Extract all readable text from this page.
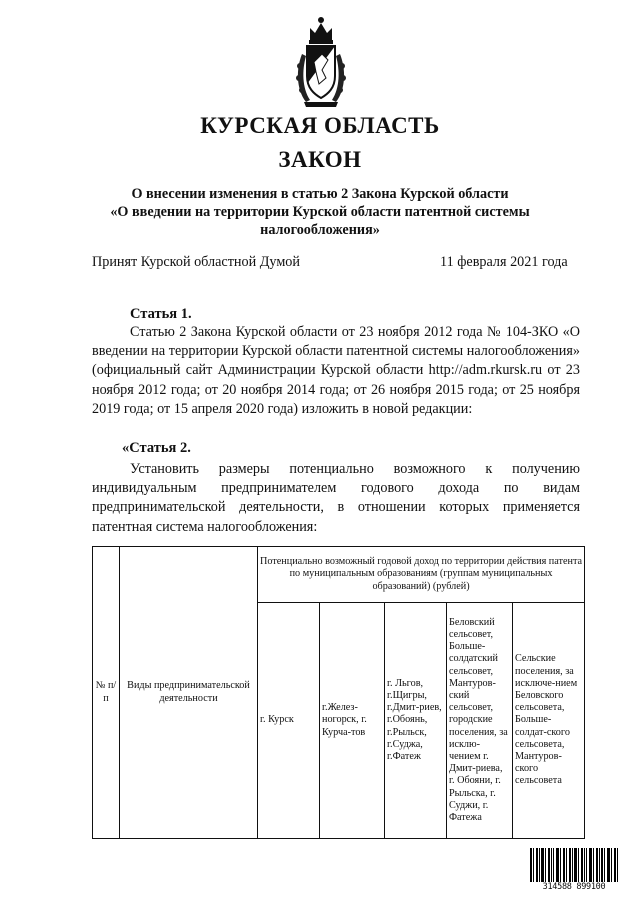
КУРСКАЯ ОБЛАСТЬ
ЗАКОН
О внесении изменения в статью 2 Закона Курской области
«О введении на территории Курской области патентной системы
налогообложения»
Принят Курской областной Думой	11 февраля 2021 года
Статья 1.
Статью 2 Закона Курской области от 23 ноября 2012 года № 104-ЗКО «О введении на территории Курской области патентной системы налогообложения» (официальный сайт Администрации Курской области http://adm.rkursk.ru от 23 ноября 2012 года; от 20 ноября 2014 года; от 26 ноября 2015 года; от 25 ноября 2019 года; от 15 апреля 2020 года) изложить в новой редакции:
«Статья 2.
Установить размеры потенциально возможного к получению индивидуальным предпринимателем годового дохода по видам предпринимательской деятельности, в отношении которых применяется патентная система налогообложения:
№ п/п	Виды предпринимательской деятельности	Потенциально возможный годовой доход по территории действия патента по муниципальным образованиям (группам муниципальных образований) (рублей)				
		г. Курск	г.Желез-ногорск, г. Курча-тов	г. Льгов, г.Щигры, г.Дмит-риев, г.Обоянь, г.Рыльск, г.Суджа, г.Фатеж	Беловский сельсовет, Больше-солдатский сельсовет, Мантуров-ский сельсовет, городские поселения, за исклю-чением г. Дмит-риева, г. Обояни, г. Рыльска, г. Суджи, г. Фатежа	Сельские поселения, за исключе-нием Беловского сельсовета, Больше-солдат-ского сельсовета, Мантуров-ского сельсовета
314588 899100
